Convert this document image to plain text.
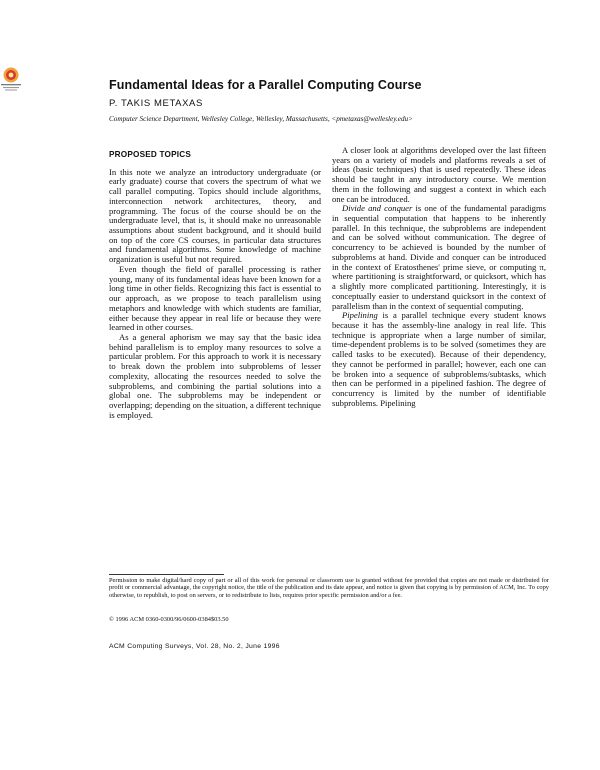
Fundamental Ideas for a Parallel Computing Course
P. TAKIS METAXAS
Computer Science Department, Wellesley College, Wellesley, Massachusetts, <pmetaxas@wellesley.edu>
PROPOSED TOPICS

In this note we analyze an introductory undergraduate (or early graduate) course that covers the spectrum of what we call parallel computing. Topics should include algorithms, interconnection network architectures, theory, and programming. The focus of the course should be on the undergraduate level, that is, it should make no unreasonable assumptions about student background, and it should build on top of the core CS courses, in particular data structures and fundamental algorithms. Some knowledge of machine organization is useful but not required.

Even though the field of parallel processing is rather young, many of its fundamental ideas have been known for a long time in other fields. Recognizing this fact is essential to our approach, as we propose to teach parallelism using metaphors and knowledge with which students are familiar, either because they appear in real life or because they were learned in other courses.

As a general aphorism we may say that the basic idea behind parallelism is to employ many resources to solve a particular problem. For this approach to work it is necessary to break down the problem into subproblems of lesser complexity, allocating the resources needed to solve the subproblems, and combining the partial solutions into a global one. The subproblems may be independent or overlapping; depending on the situation, a different technique is employed.

A closer look at algorithms developed over the last fifteen years on a variety of models and platforms reveals a set of ideas (basic techniques) that is used repeatedly. These ideas should be taught in any introductory course. We mention them in the following and suggest a context in which each one can be introduced.

Divide and conquer is one of the fundamental paradigms in sequential computation that happens to be inherently parallel. In this technique, the subproblems are independent and can be solved without communication. The degree of concurrency to be achieved is bounded by the number of subproblems at hand. Divide and conquer can be introduced in the context of Eratosthenes' prime sieve, or computing π, where partitioning is straightforward, or quicksort, which has a slightly more complicated partitioning. Interestingly, it is conceptually easier to understand quicksort in the context of parallelism than in the context of sequential computing.

Pipelining is a parallel technique every student knows because it has the assembly-line analogy in real life. This technique is appropriate when a large number of similar, time-dependent problems is to be solved (sometimes they are called tasks to be executed). Because of their dependency, they cannot be performed in parallel; however, each one can be broken into a sequence of subproblems/subtasks, which then can be performed in a pipelined fashion. The degree of concurrency is limited by the number of identifiable subproblems. Pipelining

Permission to make digital/hard copy of part or all of this work for personal or classroom use is granted without fee provided that copies are not made or distributed for profit or commercial advantage, the copyright notice, the title of the publication and its date appear, and notice is given that copying is by permission of ACM, Inc. To copy otherwise, to republish, to post on servers, or to redistribute to lists, requires prior specific permission and/or a fee.
© 1996 ACM 0360-0300/96/0600-0384$03.50
ACM Computing Surveys, Vol. 28, No. 2, June 1996
